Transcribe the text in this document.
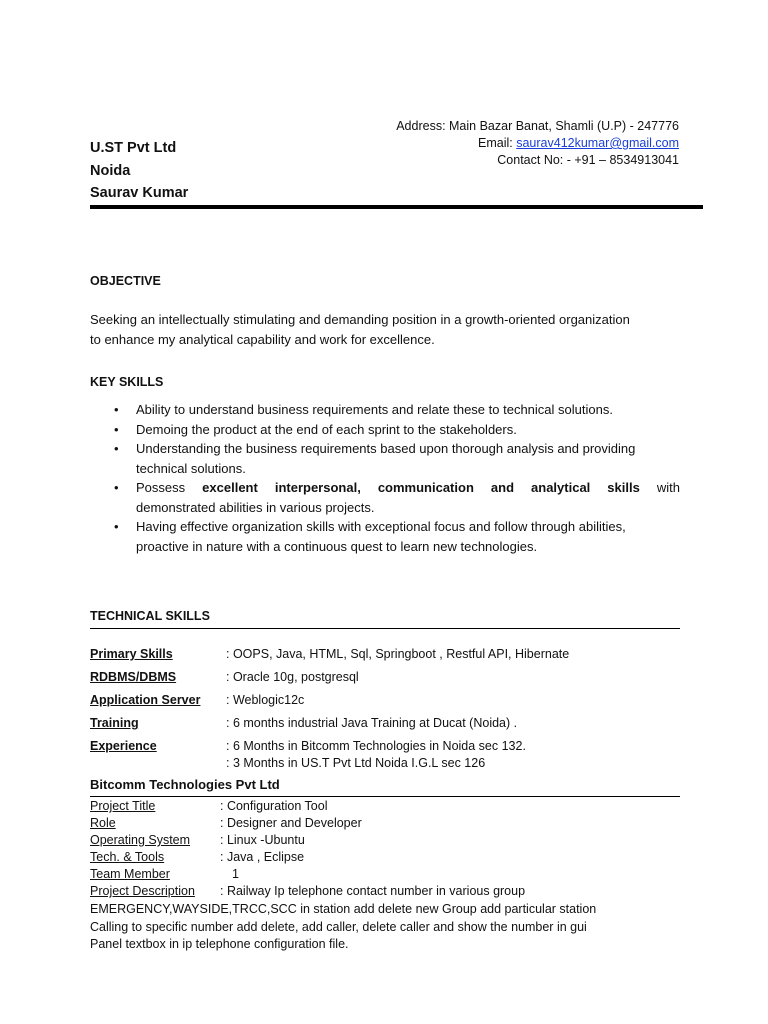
Address: Main Bazar Banat, Shamli (U.P) - 247776
Email: saurav412kumar@gmail.com
Contact No: - +91 – 8534913041
U.ST Pvt Ltd
Noida
Saurav Kumar
OBJECTIVE
Seeking an intellectually stimulating and demanding position in a growth-oriented organization
to enhance my analytical capability and work for excellence.
KEY SKILLS
• Ability to understand business requirements and relate these to technical solutions.
• Demoing the product at the end of each sprint to the stakeholders.
• Understanding the business requirements based upon thorough analysis and providing technical solutions.
• Possess excellent interpersonal, communication and analytical skills with
demonstrated abilities in various projects.
• Having effective organization skills with exceptional focus and follow through abilities, proactive in nature with a continuous quest to learn new technologies.
TECHNICAL SKILLS
Primary Skills	: OOPS, Java, HTML, Sql, Springboot , Restful API, Hibernate
RDBMS/DBMS	: Oracle 10g, postgresql
Application Server	: Weblogic12c
Training	: 6 months industrial Java Training at Ducat (Noida) .
Experience	: 6 Months in Bitcomm Technologies in Noida sec 132.
: 3 Months in US.T Pvt Ltd Noida I.G.L sec 126
Bitcomm Technologies Pvt Ltd
Project Title	: Configuration Tool
Role	: Designer and Developer
Operating System : Linux -Ubuntu
Tech. & Tools	: Java , Eclipse
Team Member	1
Project Description : Railway Ip telephone contact number in various group
EMERGENCY,WAYSIDE,TRCC,SCC in station add delete new Group add particular station
Calling to specific number add delete, add caller, delete caller and show the number in gui
Panel textbox in ip telephone configuration file.
